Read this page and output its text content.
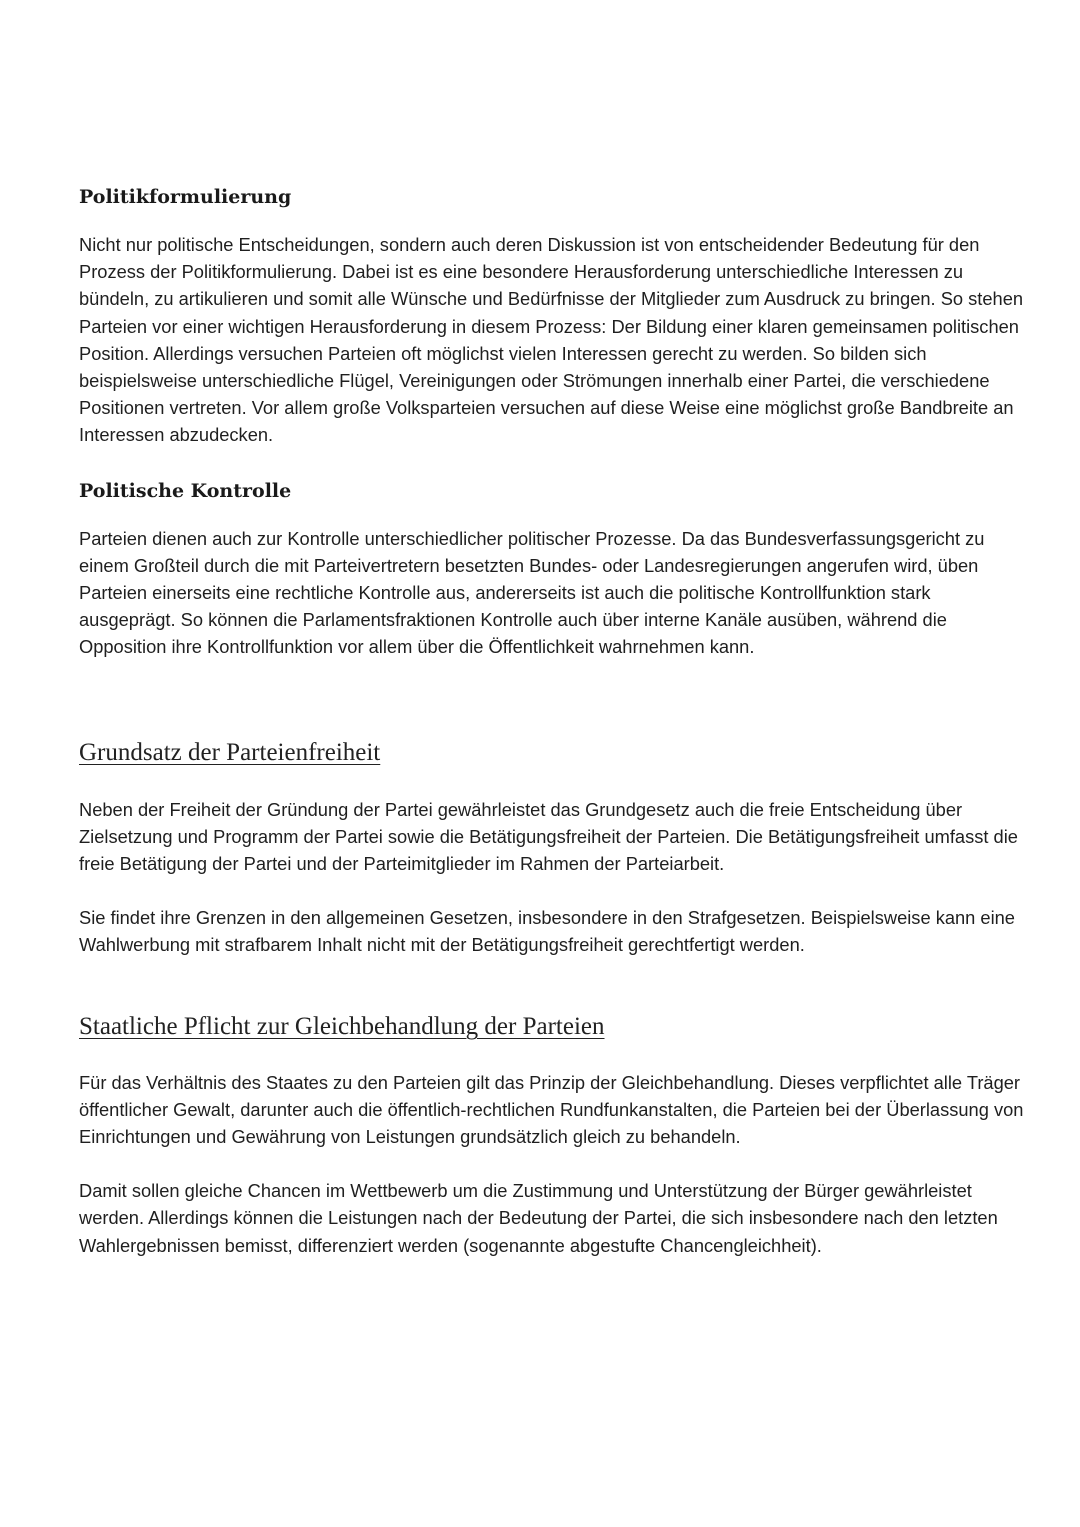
Politikformulierung

Nicht nur politische Entscheidungen, sondern auch deren Diskussion ist von entscheidender Bedeutung für den Prozess der Politikformulierung. Dabei ist es eine besondere Herausforderung unterschiedliche Interessen zu bündeln, zu artikulieren und somit alle Wünsche und Bedürfnisse der Mitglieder zum Ausdruck zu bringen. So stehen Parteien vor einer wichtigen Herausforderung in diesem Prozess: Der Bildung einer klaren gemeinsamen politischen Position. Allerdings versuchen Parteien oft möglichst vielen Interessen gerecht zu werden. So bilden sich beispielsweise unterschiedliche Flügel, Vereinigungen oder Strömungen innerhalb einer Partei, die verschiedene Positionen vertreten. Vor allem große Volksparteien versuchen auf diese Weise eine möglichst große Bandbreite an Interessen abzudecken.

Politische Kontrolle

Parteien dienen auch zur Kontrolle unterschiedlicher politischer Prozesse. Da das Bundesverfassungsgericht zu einem Großteil durch die mit Parteivertretern besetzten Bundes- oder Landesregierungen angerufen wird, üben Parteien einerseits eine rechtliche Kontrolle aus, andererseits ist auch die politische Kontrollfunktion stark ausgeprägt. So können die Parlamentsfraktionen Kontrolle auch über interne Kanäle ausüben, während die Opposition ihre Kontrollfunktion vor allem über die Öffentlichkeit wahrnehmen kann.

Grundsatz der Parteienfreiheit

Neben der Freiheit der Gründung der Partei gewährleistet das Grundgesetz auch die freie Entscheidung über Zielsetzung und Programm der Partei sowie die Betätigungsfreiheit der Parteien. Die Betätigungsfreiheit umfasst die freie Betätigung der Partei und der Parteimitglieder im Rahmen der Parteiarbeit.

Sie findet ihre Grenzen in den allgemeinen Gesetzen, insbesondere in den Strafgesetzen. Beispielsweise kann eine Wahlwerbung mit strafbarem Inhalt nicht mit der Betätigungsfreiheit gerechtfertigt werden.

Staatliche Pflicht zur Gleichbehandlung der Parteien

Für das Verhältnis des Staates zu den Parteien gilt das Prinzip der Gleichbehandlung. Dieses verpflichtet alle Träger öffentlicher Gewalt, darunter auch die öffentlich-rechtlichen Rundfunkanstalten, die Parteien bei der Überlassung von Einrichtungen und Gewährung von Leistungen grundsätzlich gleich zu behandeln.

Damit sollen gleiche Chancen im Wettbewerb um die Zustimmung und Unterstützung der Bürger gewährleistet werden. Allerdings können die Leistungen nach der Bedeutung der Partei, die sich insbesondere nach den letzten Wahlergebnissen bemisst, differenziert werden (sogenannte abgestufte Chancengleichheit).
